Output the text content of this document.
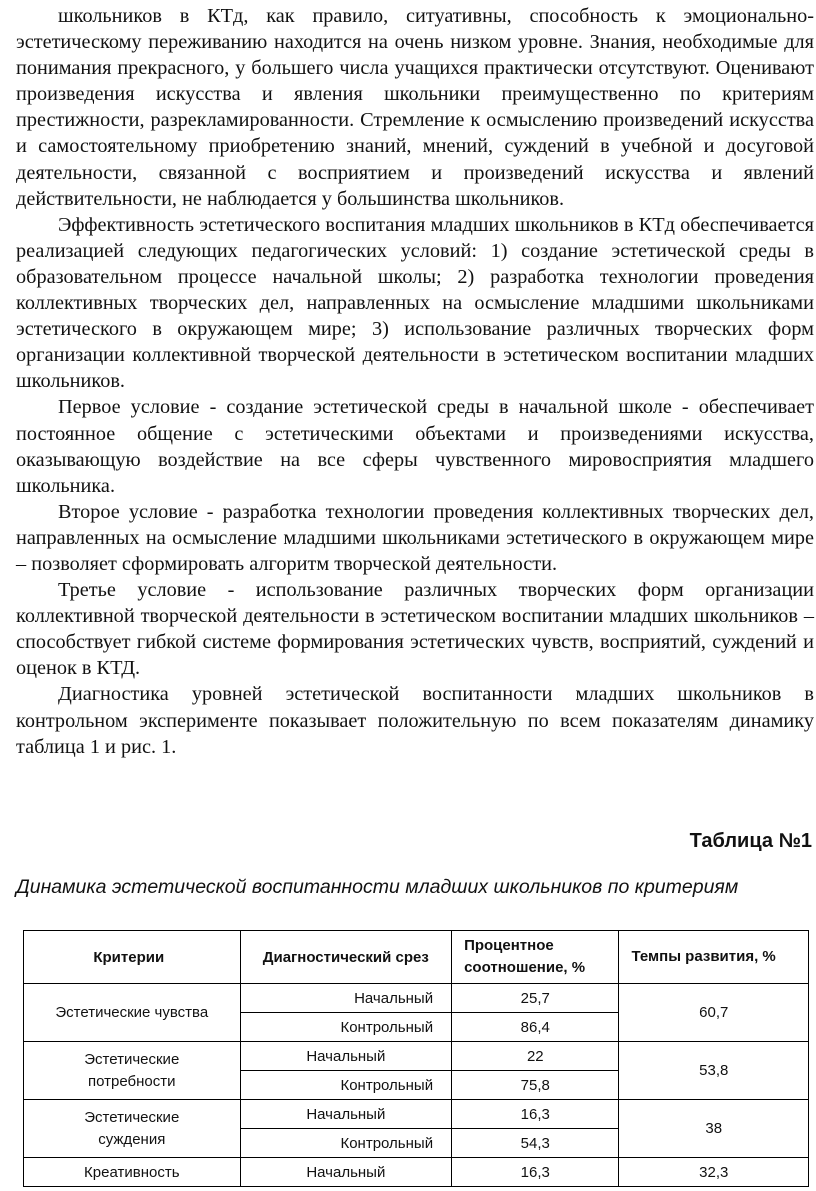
школьников в КТд, как правило, ситуативны, способность к эмоционально-эстетическому переживанию находится на очень низком уровне. Знания, необходимые для понимания прекрасного, у большего числа учащихся практически отсутствуют. Оценивают произведения искусства и явления школьники преимущественно по критериям престижности, разрекламированности. Стремление к осмыслению произведений искусства и самостоятельному приобретению знаний, мнений, суждений в учебной и досуговой деятельности, связанной с восприятием и произведений искусства и явлений действительности, не наблюдается у большинства школьников.

Эффективность эстетического воспитания младших школьников в КТд обеспечивается реализацией следующих педагогических условий: 1) создание эстетической среды в образовательном процессе начальной школы; 2) разработка технологии проведения коллективных творческих дел, направленных на осмысление младшими школьниками эстетического в окружающем мире; 3) использование различных творческих форм организации коллективной творческой деятельности в эстетическом воспитании младших школьников.

Первое условие - создание эстетической среды в начальной школе - обеспечивает постоянное общение с эстетическими объектами и произведениями искусства, оказывающую воздействие на все сферы чувственного мировосприятия младшего школьника.

Второе условие - разработка технологии проведения коллективных творческих дел, направленных на осмысление младшими школьниками эстетического в окружающем мире – позволяет сформировать алгоритм творческой деятельности.

Третье условие - использование различных творческих форм организации коллективной творческой деятельности в эстетическом воспитании младших школьников – способствует гибкой системе формирования эстетических чувств, восприятий, суждений и оценок в КТД.

Диагностика уровней эстетической воспитанности младших школьников в контрольном эксперименте показывает положительную по всем показателям динамику таблица 1 и рис. 1.

Таблица №1
Динамика эстетической воспитанности младших школьников по критериям
Критерии	Диагностический срез	Процентное соотношение, %	Темпы развития, %
Эстетические чувства	Начальный	25,7	60,7
	Контрольный	86,4	
Эстетические потребности	Начальный	22	53,8
	Контрольный	75,8	
Эстетические суждения	Начальный	16,3	38
	Контрольный	54,3	
Креативность	Начальный	16,3	32,3
